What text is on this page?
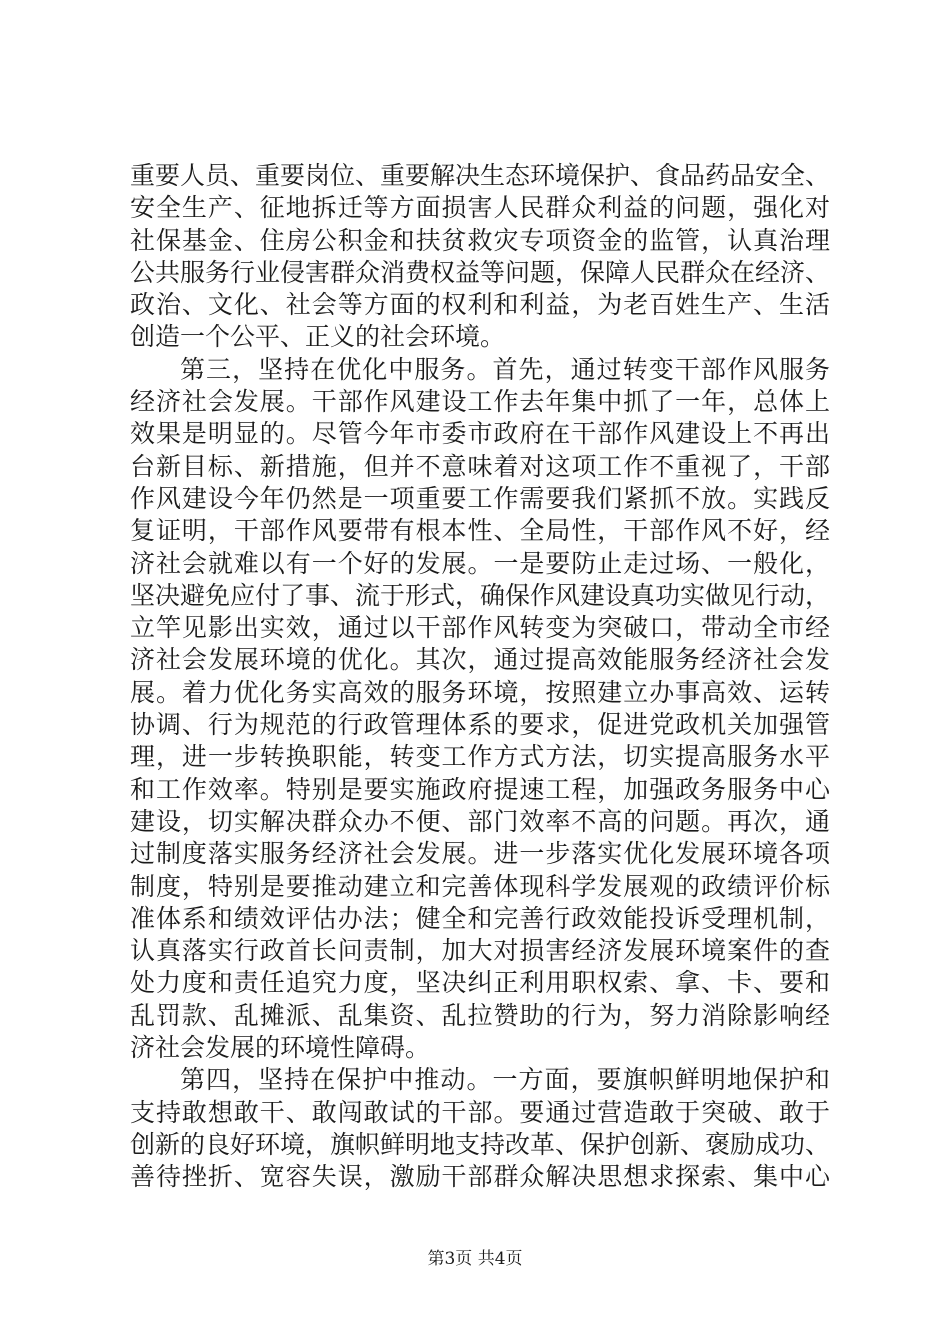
重要人员、重要岗位、重要解决生态环境保护、食品药品安全、
安全生产、征地拆迁等方面损害人民群众利益的问题，强化对
社保基金、住房公积金和扶贫救灾专项资金的监管，认真治理
公共服务行业侵害群众消费权益等问题，保障人民群众在经济、
政治、文化、社会等方面的权利和利益，为老百姓生产、生活
创造一个公平、正义的社会环境。
第三，坚持在优化中服务。首先，通过转变干部作风服务
经济社会发展。干部作风建设工作去年集中抓了一年，总体上
效果是明显的。尽管今年市委市政府在干部作风建设上不再出
台新目标、新措施，但并不意味着对这项工作不重视了，干部
作风建设今年仍然是一项重要工作需要我们紧抓不放。实践反
复证明，干部作风要带有根本性、全局性，干部作风不好，经
济社会就难以有一个好的发展。一是要防止走过场、一般化，
坚决避免应付了事、流于形式，确保作风建设真功实做见行动，
立竿见影出实效，通过以干部作风转变为突破口，带动全市经
济社会发展环境的优化。其次，通过提高效能服务经济社会发
展。着力优化务实高效的服务环境，按照建立办事高效、运转
协调、行为规范的行政管理体系的要求，促进党政机关加强管
理，进一步转换职能，转变工作方式方法，切实提高服务水平
和工作效率。特别是要实施政府提速工程，加强政务服务中心
建设，切实解决群众办不便、部门效率不高的问题。再次，通
过制度落实服务经济社会发展。进一步落实优化发展环境各项
制度，特别是要推动建立和完善体现科学发展观的政绩评价标
准体系和绩效评估办法；健全和完善行政效能投诉受理机制，
认真落实行政首长问责制，加大对损害经济发展环境案件的查
处力度和责任追究力度，坚决纠正利用职权索、拿、卡、要和
乱罚款、乱摊派、乱集资、乱拉赞助的行为，努力消除影响经
济社会发展的环境性障碍。
第四，坚持在保护中推动。一方面，要旗帜鲜明地保护和
支持敢想敢干、敢闯敢试的干部。要通过营造敢于突破、敢于
创新的良好环境，旗帜鲜明地支持改革、保护创新、褒励成功、
善待挫折、宽容失误，激励干部群众解决思想求探索、集中心
第3页 共4页
